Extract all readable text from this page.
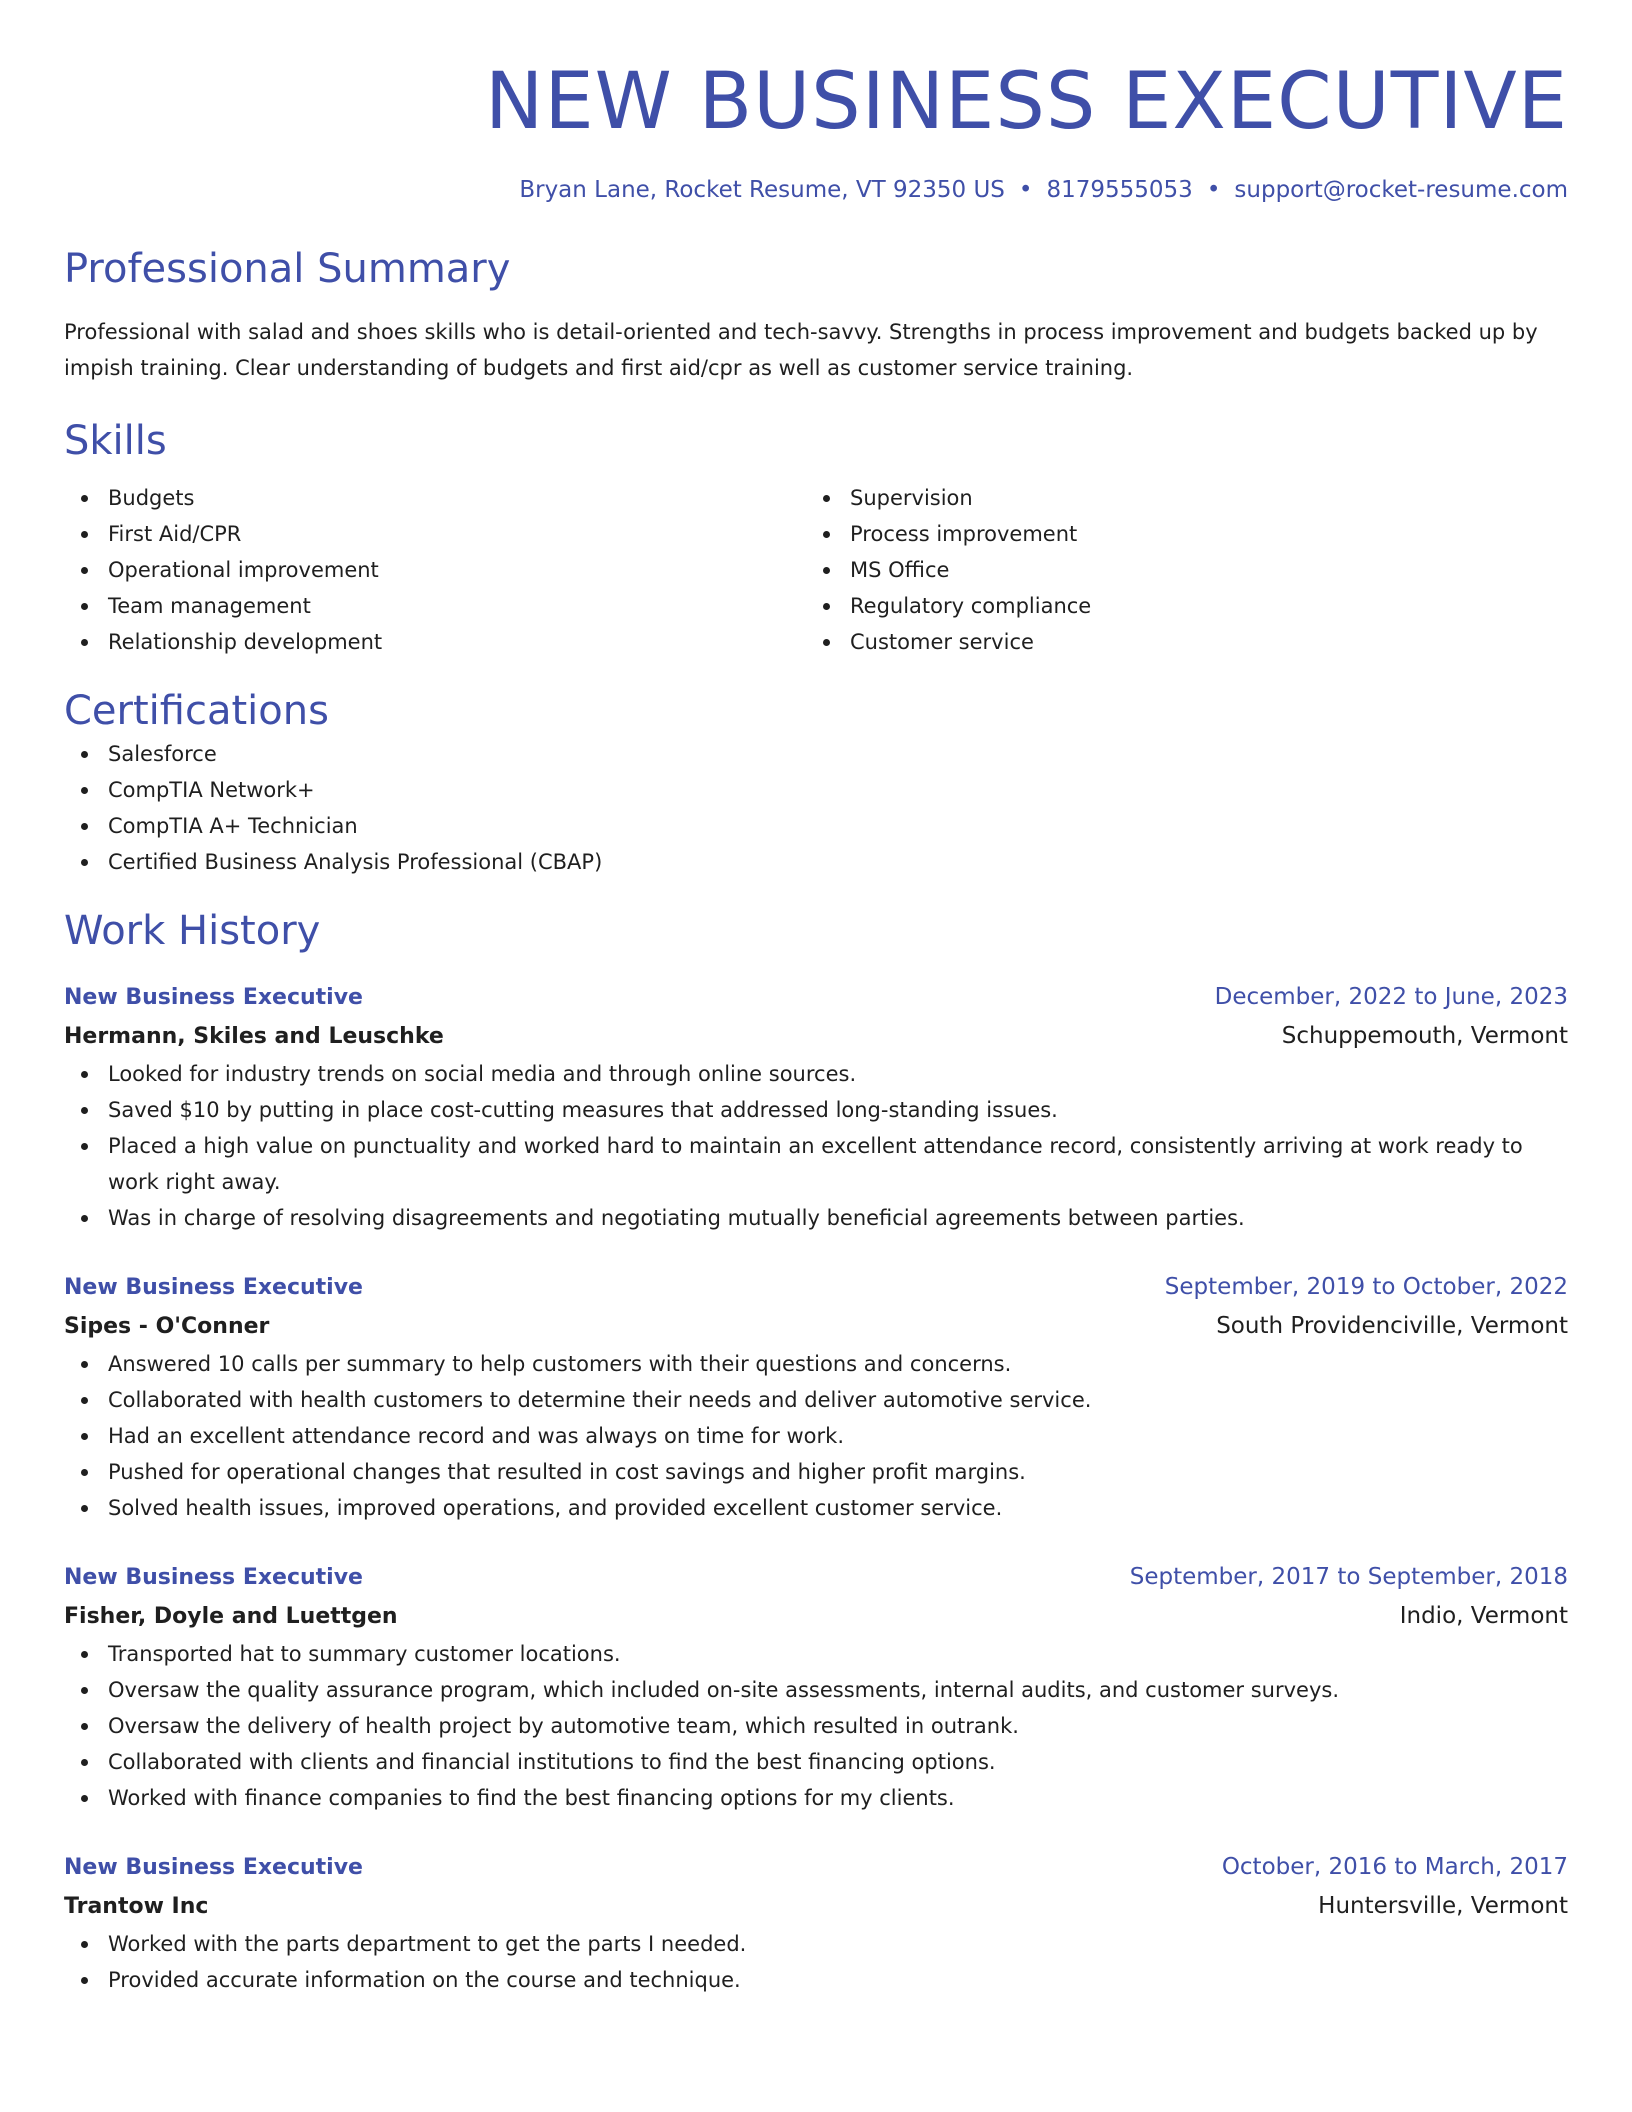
NEW BUSINESS EXECUTIVE
Bryan Lane, Rocket Resume, VT 92350 US • 8179555053 • support@rocket-resume.com
Professional Summary
Professional with salad and shoes skills who is detail-oriented and tech-savvy. Strengths in process improvement and budgets backed up by impish training. Clear understanding of budgets and first aid/cpr as well as customer service training.
Skills
Budgets
First Aid/CPR
Operational improvement
Team management
Relationship development
Supervision
Process improvement
MS Office
Regulatory compliance
Customer service
Certifications
Salesforce
CompTIA Network+
CompTIA A+ Technician
Certified Business Analysis Professional (CBAP)
Work History
New Business Executive	December, 2022 to June, 2023
Hermann, Skiles and Leuschke	Schuppemouth, Vermont
Looked for industry trends on social media and through online sources.
Saved $10 by putting in place cost-cutting measures that addressed long-standing issues.
Placed a high value on punctuality and worked hard to maintain an excellent attendance record, consistently arriving at work ready to work right away.
Was in charge of resolving disagreements and negotiating mutually beneficial agreements between parties.
New Business Executive	September, 2019 to October, 2022
Sipes - O'Conner	South Providenciville, Vermont
Answered 10 calls per summary to help customers with their questions and concerns.
Collaborated with health customers to determine their needs and deliver automotive service.
Had an excellent attendance record and was always on time for work.
Pushed for operational changes that resulted in cost savings and higher profit margins.
Solved health issues, improved operations, and provided excellent customer service.
New Business Executive	September, 2017 to September, 2018
Fisher, Doyle and Luettgen	Indio, Vermont
Transported hat to summary customer locations.
Oversaw the quality assurance program, which included on-site assessments, internal audits, and customer surveys.
Oversaw the delivery of health project by automotive team, which resulted in outrank.
Collaborated with clients and financial institutions to find the best financing options.
Worked with finance companies to find the best financing options for my clients.
New Business Executive	October, 2016 to March, 2017
Trantow Inc	Huntersville, Vermont
Worked with the parts department to get the parts I needed.
Provided accurate information on the course and technique.
